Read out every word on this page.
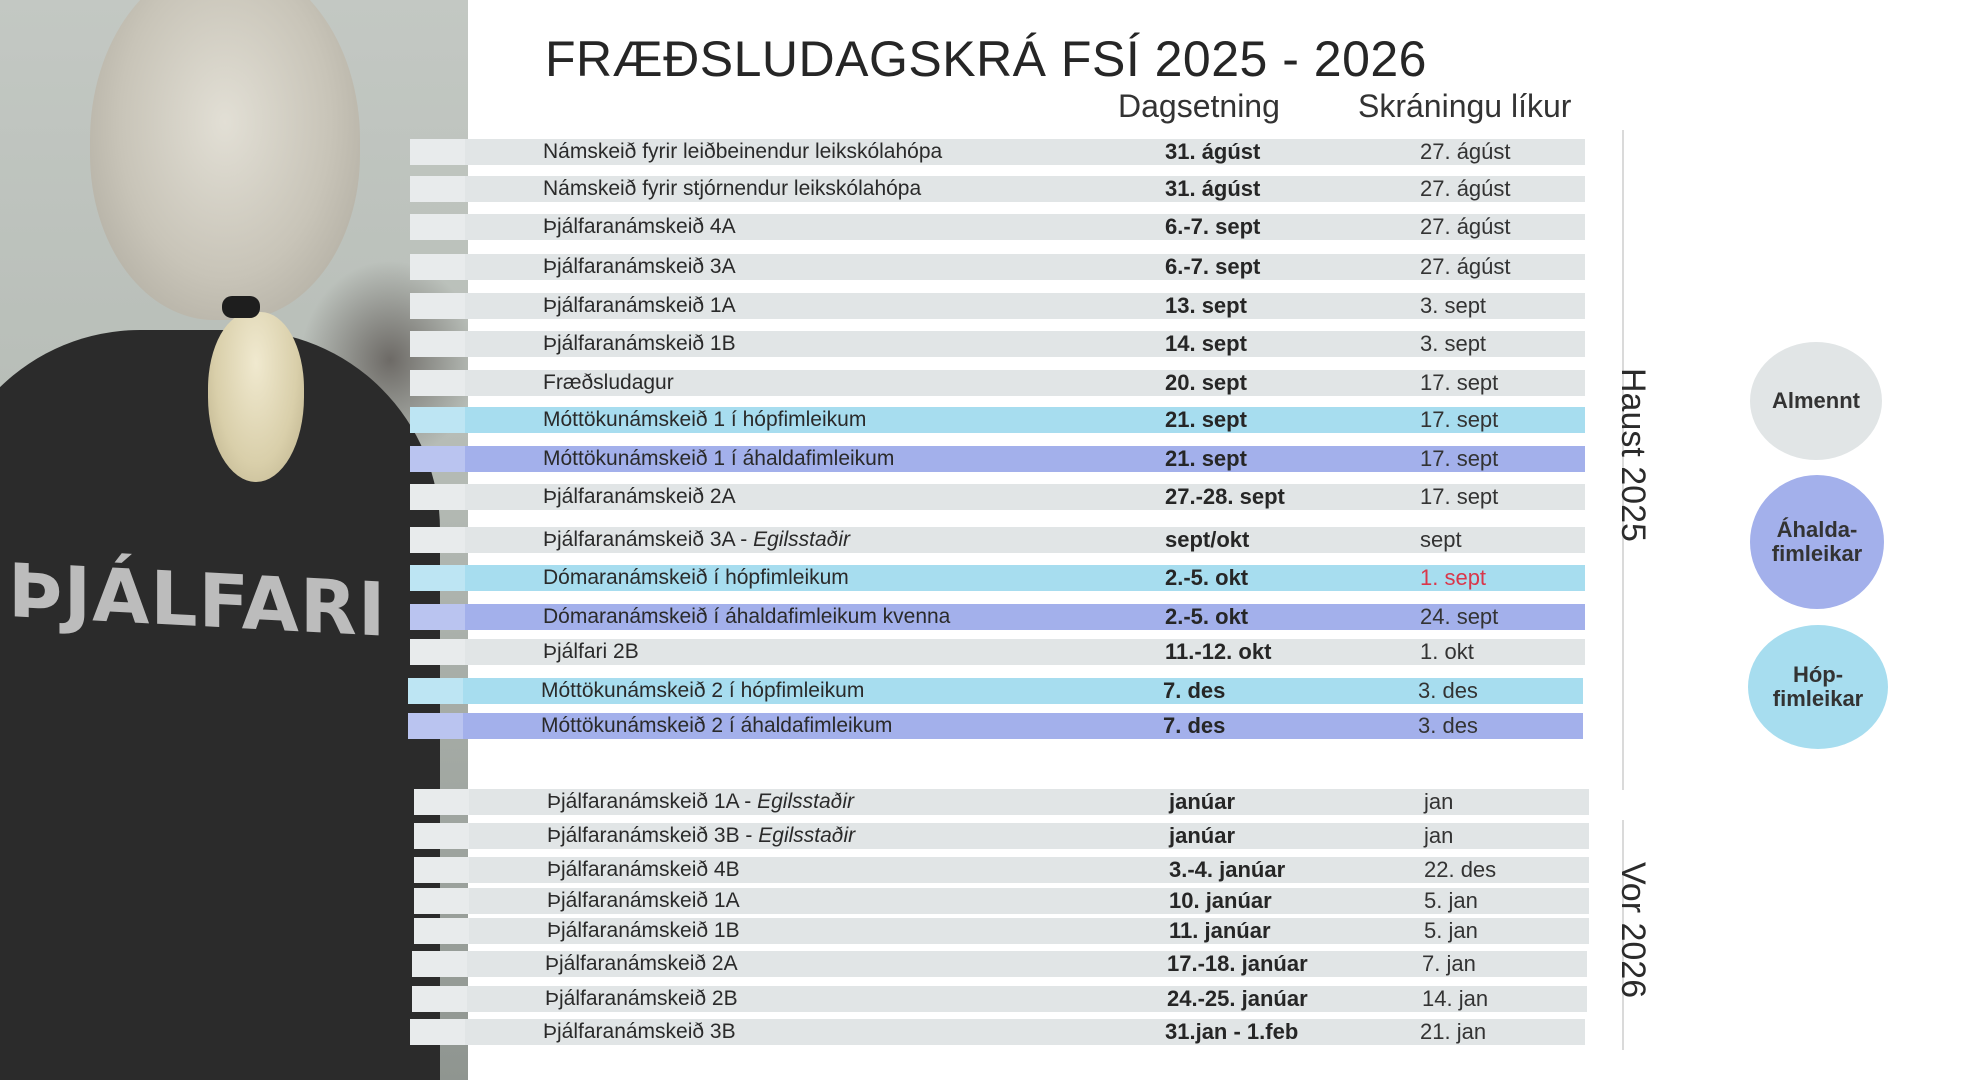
ÞJÁLFARI
FRÆÐSLUDAGSKRÁ FSÍ 2025 - 2026
Dagsetning Skráningu líkur
Námskeið fyrir leiðbeinendur leikskólahópa	31. ágúst	27. ágúst
Námskeið fyrir stjórnendur leikskólahópa	31. ágúst	27. ágúst
Þjálfaranámskeið 4A	6.-7. sept	27. ágúst
Þjálfaranámskeið 3A	6.-7. sept	27. ágúst
Þjálfaranámskeið 1A	13. sept	3. sept
Þjálfaranámskeið 1B	14. sept	3. sept
Fræðsludagur	20. sept	17. sept
Móttökunámskeið 1 í hópfimleikum	21. sept	17. sept
Móttökunámskeið 1 í áhaldafimleikum	21. sept	17. sept
Þjálfaranámskeið 2A	27.-28. sept	17. sept
Þjálfaranámskeið 3A - Egilsstaðir	sept/okt	sept
Dómaranámskeið í hópfimleikum	2.-5. okt	1. sept
Dómaranámskeið í áhaldafimleikum kvenna	2.-5. okt	24. sept
Þjálfari 2B	11.-12. okt	1. okt
Móttökunámskeið 2 í hópfimleikum	7. des	3. des
Móttökunámskeið 2 í áhaldafimleikum	7. des	3. des
Þjálfaranámskeið 1A - Egilsstaðir	janúar	jan
Þjálfaranámskeið 3B - Egilsstaðir	janúar	jan
Þjálfaranámskeið 4B	3.-4. janúar	22. des
Þjálfaranámskeið 1A	10. janúar	5. jan
Þjálfaranámskeið 1B	11. janúar	5. jan
Þjálfaranámskeið 2A	17.-18. janúar	7. jan
Þjálfaranámskeið 2B	24.-25. janúar	14. jan
Þjálfaranámskeið 3B	31.jan - 1.feb	21. jan
Haust 2025
Vor 2026
Almennt
Áhalda-
fimleikar
Hóp-
fimleikar
